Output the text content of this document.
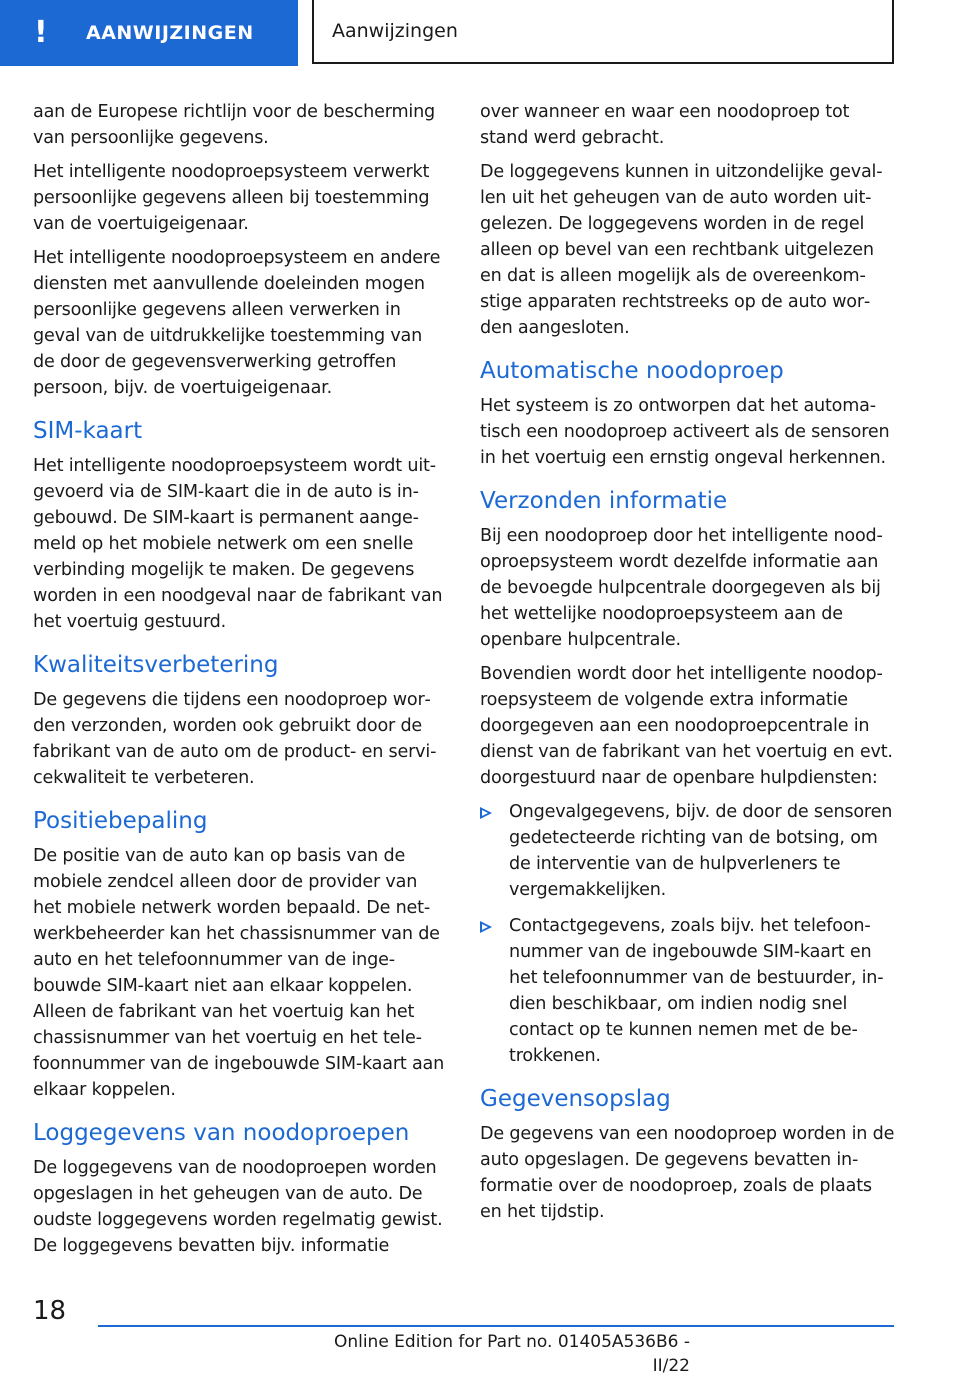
!	AANWIJZINGEN	Aanwijzingen

aan de Europese richtlijn voor de bescherming van persoonlijke gegevens.

Het intelligente noodoproepsysteem verwerkt persoonlijke gegevens alleen bij toestemming van de voertuigeigenaar.

Het intelligente noodoproepsysteem en andere diensten met aanvullende doeleinden mogen persoonlijke gegevens alleen verwerken in geval van de uitdrukkelijke toestemming van de door de gegevensverwerking getroffen persoon, bijv. de voertuigeigenaar.

SIM-kaart

Het intelligente noodoproepsysteem wordt uitgevoerd via de SIM-kaart die in de auto is ingebouwd. De SIM-kaart is permanent aangemeld op het mobiele netwerk om een snelle verbinding mogelijk te maken. De gegevens worden in een noodgeval naar de fabrikant van het voertuig gestuurd.

Kwaliteitsverbetering

De gegevens die tijdens een noodoproep worden verzonden, worden ook gebruikt door de fabrikant van de auto om de product- en servicekwaliteit te verbeteren.

Positiebepaling

De positie van de auto kan op basis van de mobiele zendcel alleen door de provider van het mobiele netwerk worden bepaald. De netwerkbeheerder kan het chassisnummer van de auto en het telefoonnummer van de ingebouwde SIM-kaart niet aan elkaar koppelen. Alleen de fabrikant van het voertuig kan het chassisnummer van het voertuig en het telefoonnummer van de ingebouwde SIM-kaart aan elkaar koppelen.

Loggegevens van noodoproepen

De loggegevens van de noodoproepen worden opgeslagen in het geheugen van de auto. De oudste loggegevens worden regelmatig gewist. De loggegevens bevatten bijv. informatie

over wanneer en waar een noodoproep tot stand werd gebracht.

De loggegevens kunnen in uitzondelijke gevallen uit het geheugen van de auto worden uitgelezen. De loggegevens worden in de regel alleen op bevel van een rechtbank uitgelezen en dat is alleen mogelijk als de overeenkomstige apparaten rechtstreeks op de auto worden aangesloten.

Automatische noodoproep

Het systeem is zo ontworpen dat het automatisch een noodoproep activeert als de sensoren in het voertuig een ernstig ongeval herkennen.

Verzonden informatie

Bij een noodoproep door het intelligente noodoproepsysteem wordt dezelfde informatie aan de bevoegde hulpcentrale doorgegeven als bij het wettelijke noodoproepsysteem aan de openbare hulpcentrale.

Bovendien wordt door het intelligente noodoproepsysteem de volgende extra informatie doorgegeven aan een noodoproepcentrale in dienst van de fabrikant van het voertuig en evt. doorgestuurd naar de openbare hulpdiensten:

Ongevalgegevens, bijv. de door de sensoren gedetecteerde richting van de botsing, om de interventie van de hulpverleners te vergemakkelijken.
Contactgegevens, zoals bijv. het telefoonnummer van de ingebouwde SIM-kaart en het telefoonnummer van de bestuurder, indien beschikbaar, om indien nodig snel contact op te kunnen nemen met de betrokkenen.
Gegevensopslag

De gegevens van een noodoproep worden in de auto opgeslagen. De gegevens bevatten informatie over de noodoproep, zoals de plaats en het tijdstip.

18
Online Edition for Part no. 01405A536B6 - II/22
